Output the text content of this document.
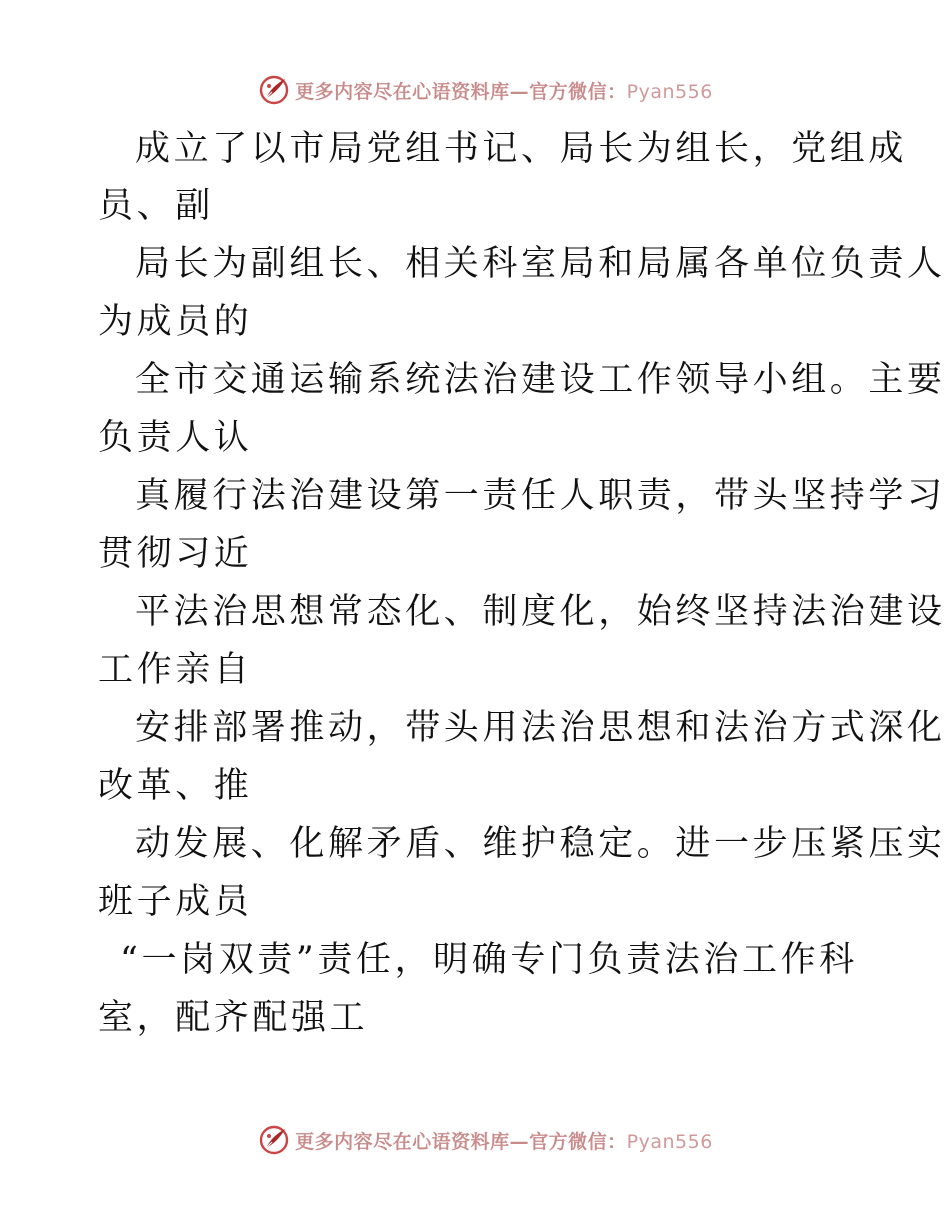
更多内容尽在心语资料库—官方微信：Pyan556
成立了以市局党组书记、局长为组长，党组成
员、副
局长为副组长、相关科室局和局属各单位负责人
为成员的
全市交通运输系统法治建设工作领导小组。主要
负责人认
真履行法治建设第一责任人职责，带头坚持学习
贯彻习近
平法治思想常态化、制度化，始终坚持法治建设
工作亲自
安排部署推动，带头用法治思想和法治方式深化
改革、推
动发展、化解矛盾、维护稳定。进一步压紧压实
班子成员
“一岗双责”责任，明确专门负责法治工作科
室，配齐配强工
更多内容尽在心语资料库—官方微信：Pyan556
